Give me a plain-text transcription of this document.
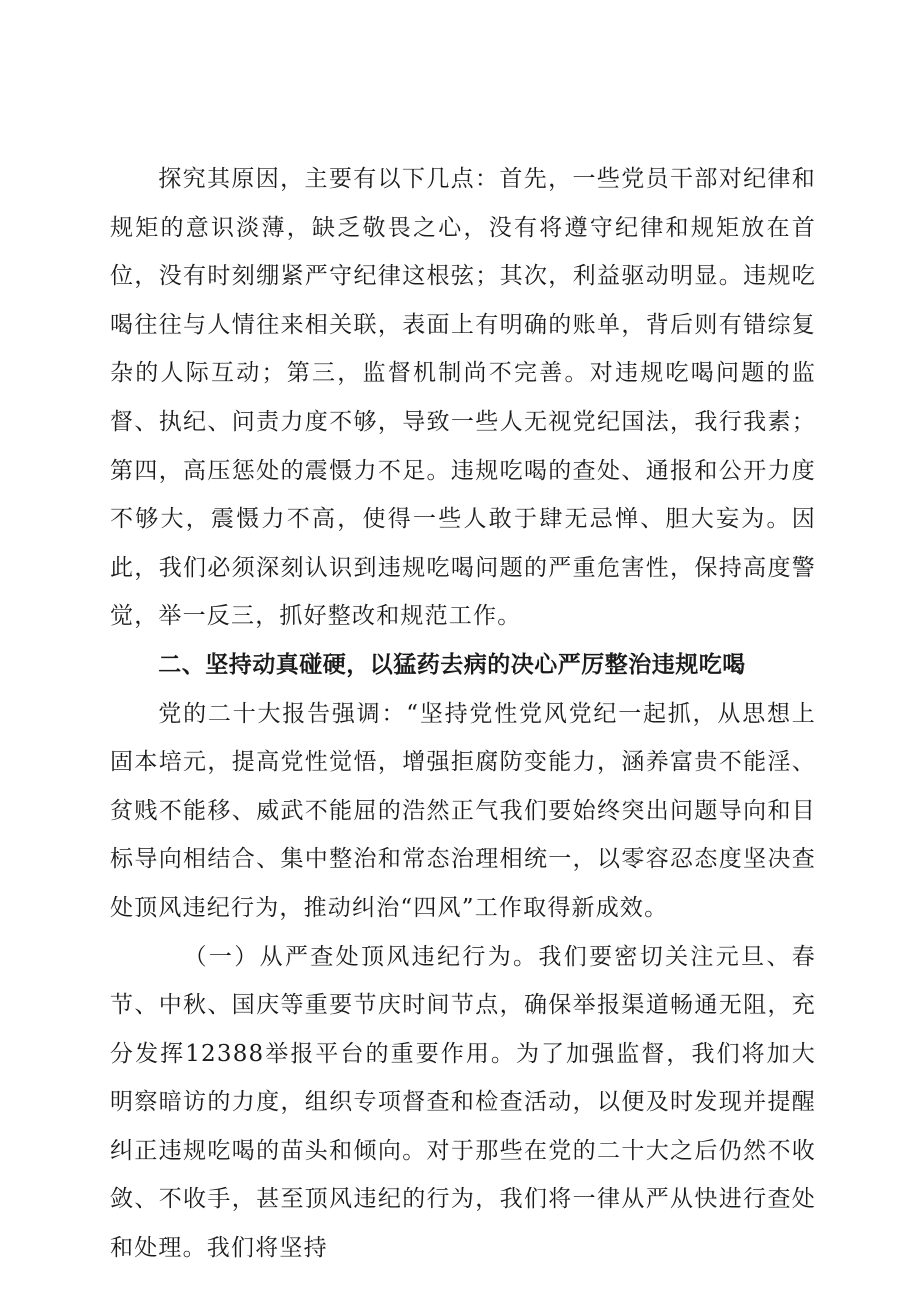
探究其原因，主要有以下几点：首先，一些党员干部对纪律和规矩的意识淡薄，缺乏敬畏之心，没有将遵守纪律和规矩放在首位，没有时刻绷紧严守纪律这根弦；其次，利益驱动明显。违规吃喝往往与人情往来相关联，表面上有明确的账单，背后则有错综复杂的人际互动；第三，监督机制尚不完善。对违规吃喝问题的监督、执纪、问责力度不够，导致一些人无视党纪国法，我行我素；第四，高压惩处的震慑力不足。违规吃喝的查处、通报和公开力度不够大，震慑力不高，使得一些人敢于肆无忌惮、胆大妄为。因此，我们必须深刻认识到违规吃喝问题的严重危害性，保持高度警觉，举一反三，抓好整改和规范工作。

二、坚持动真碰硬，以猛药去病的决心严厉整治违规吃喝

党的二十大报告强调：“坚持党性党风党纪一起抓，从思想上固本培元，提高党性觉悟，增强拒腐防变能力，涵养富贵不能淫、贫贱不能移、威武不能屈的浩然正气我们要始终突出问题导向和目标导向相结合、集中整治和常态治理相统一，以零容忍态度坚决查处顶风违纪行为，推动纠治“四风”工作取得新成效。

（一）从严查处顶风违纪行为。我们要密切关注元旦、春节、中秋、国庆等重要节庆时间节点，确保举报渠道畅通无阻，充分发挥12388举报平台的重要作用。为了加强监督，我们将加大明察暗访的力度，组织专项督查和检查活动，以便及时发现并提醒纠正违规吃喝的苗头和倾向。对于那些在党的二十大之后仍然不收敛、不收手，甚至顶风违纪的行为，我们将一律从严从快进行查处和处理。我们将坚持
